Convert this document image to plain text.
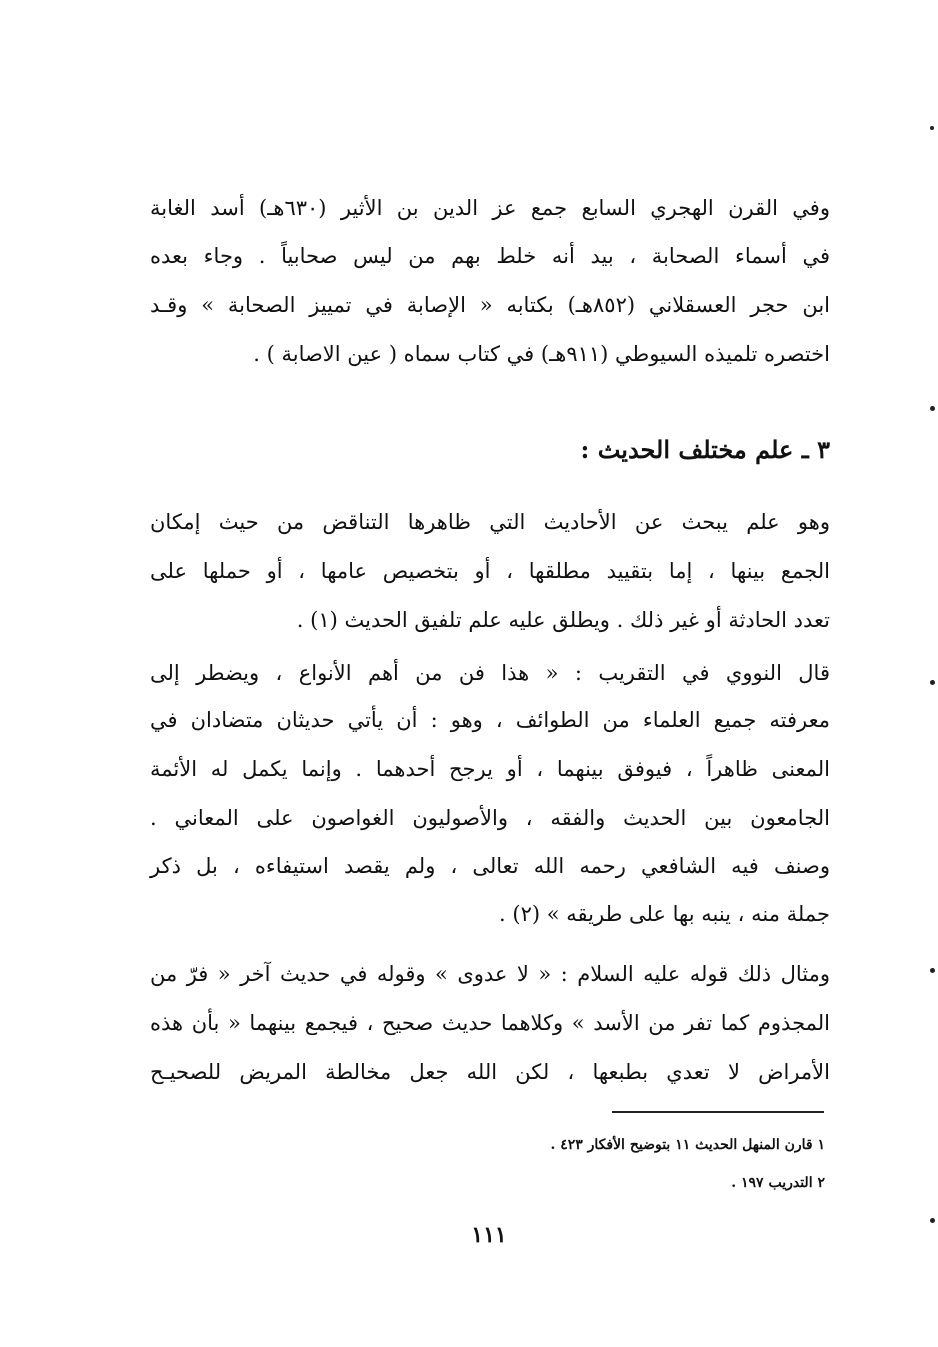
وفي القرن الهجري السابع جمع عز الدين بن الأثير (٦٣٠هـ) أسد الغابة
في أسماء الصحابة ، بيد أنه خلط بهم من ليس صحابياً . وجاء بعده
ابن حجر العسقلاني (٨٥٢هـ) بكتابه « الإصابة في تمييز الصحابة » وقـد
اختصره تلميذه السيوطي (٩١١هـ) في كتاب سماه ( عين الاصابة ) .
٣ ـ علم مختلف الحديث :
وهو علم يبحث عن الأحاديث التي ظاهرها التناقض من حيث إمكان
الجمع بينها ، إما بتقييد مطلقها ، أو بتخصيص عامها ، أو حملها على
تعدد الحادثة أو غير ذلك . ويطلق عليه علم تلفيق الحديث (١) .
قال النووي في التقريب : « هذا فن من أهم الأنواع ، ويضطر إلى
معرفته جميع العلماء من الطوائف ، وهو : أن يأتي حديثان متضادان في
المعنى ظاهراً ، فيوفق بينهما ، أو يرجح أحدهما . وإنما يكمل له الأئمة
الجامعون بين الحديث والفقه ، والأصوليون الغواصون على المعاني .
وصنف فيه الشافعي رحمه الله تعالى ، ولم يقصد استيفاءه ، بل ذكر
جملة منه ، ينبه بها على طريقه » (٢) .
ومثال ذلك قوله عليه السلام : « لا عدوى » وقوله في حديث آخر « فرّ من
المجذوم كما تفر من الأسد » وكلاهما حديث صحيح ، فيجمع بينهما « بأن هذه
الأمراض لا تعدي بطبعها ، لكن الله جعل مخالطة المريض للصحيـح
١ قارن المنهل الحديث ١١ بتوضيح الأفكار ٤٢٣ .
٢ التدريب ١٩٧ .
١١١
